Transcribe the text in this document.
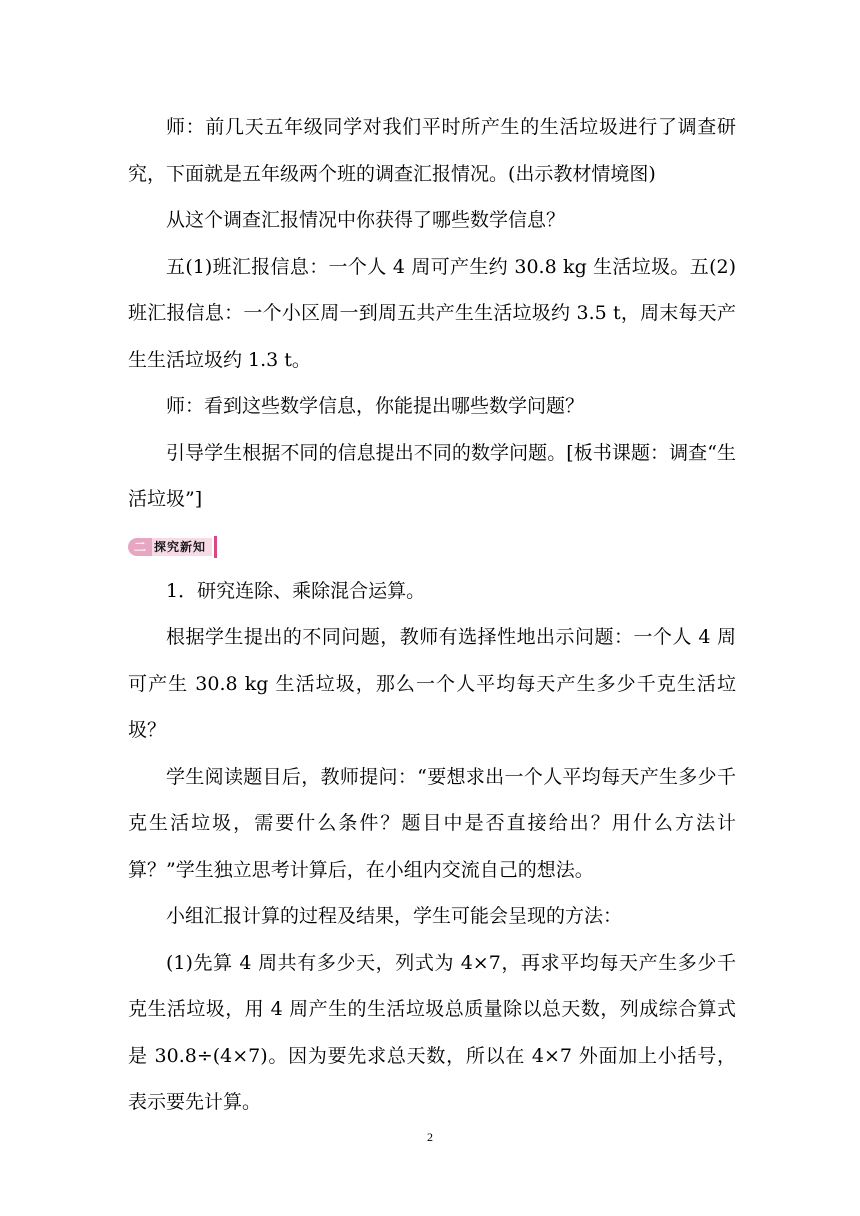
师：前几天五年级同学对我们平时所产生的生活垃圾进行了调查研究，下面就是五年级两个班的调查汇报情况。(出示教材情境图)

从这个调查汇报情况中你获得了哪些数学信息？

五(1)班汇报信息：一个人 4 周可产生约 30.8 kg 生活垃圾。五(2)班汇报信息：一个小区周一到周五共产生生活垃圾约 3.5 t，周末每天产生生活垃圾约 1.3 t。

师：看到这些数学信息，你能提出哪些数学问题？

引导学生根据不同的信息提出不同的数学问题。[板书课题：调查“生活垃圾”]

二 探究新知

1．研究连除、乘除混合运算。

根据学生提出的不同问题，教师有选择性地出示问题：一个人 4 周可产生 30.8 kg 生活垃圾，那么一个人平均每天产生多少千克生活垃圾？

学生阅读题目后，教师提问：“要想求出一个人平均每天产生多少千克生活垃圾，需要什么条件？题目中是否直接给出？用什么方法计算？”学生独立思考计算后，在小组内交流自己的想法。

小组汇报计算的过程及结果，学生可能会呈现的方法：

(1)先算 4 周共有多少天，列式为 4×7，再求平均每天产生多少千克生活垃圾，用 4 周产生的生活垃圾总质量除以总天数，列成综合算式是 30.8÷(4×7)。因为要先求总天数，所以在 4×7 外面加上小括号，表示要先计算。

2
